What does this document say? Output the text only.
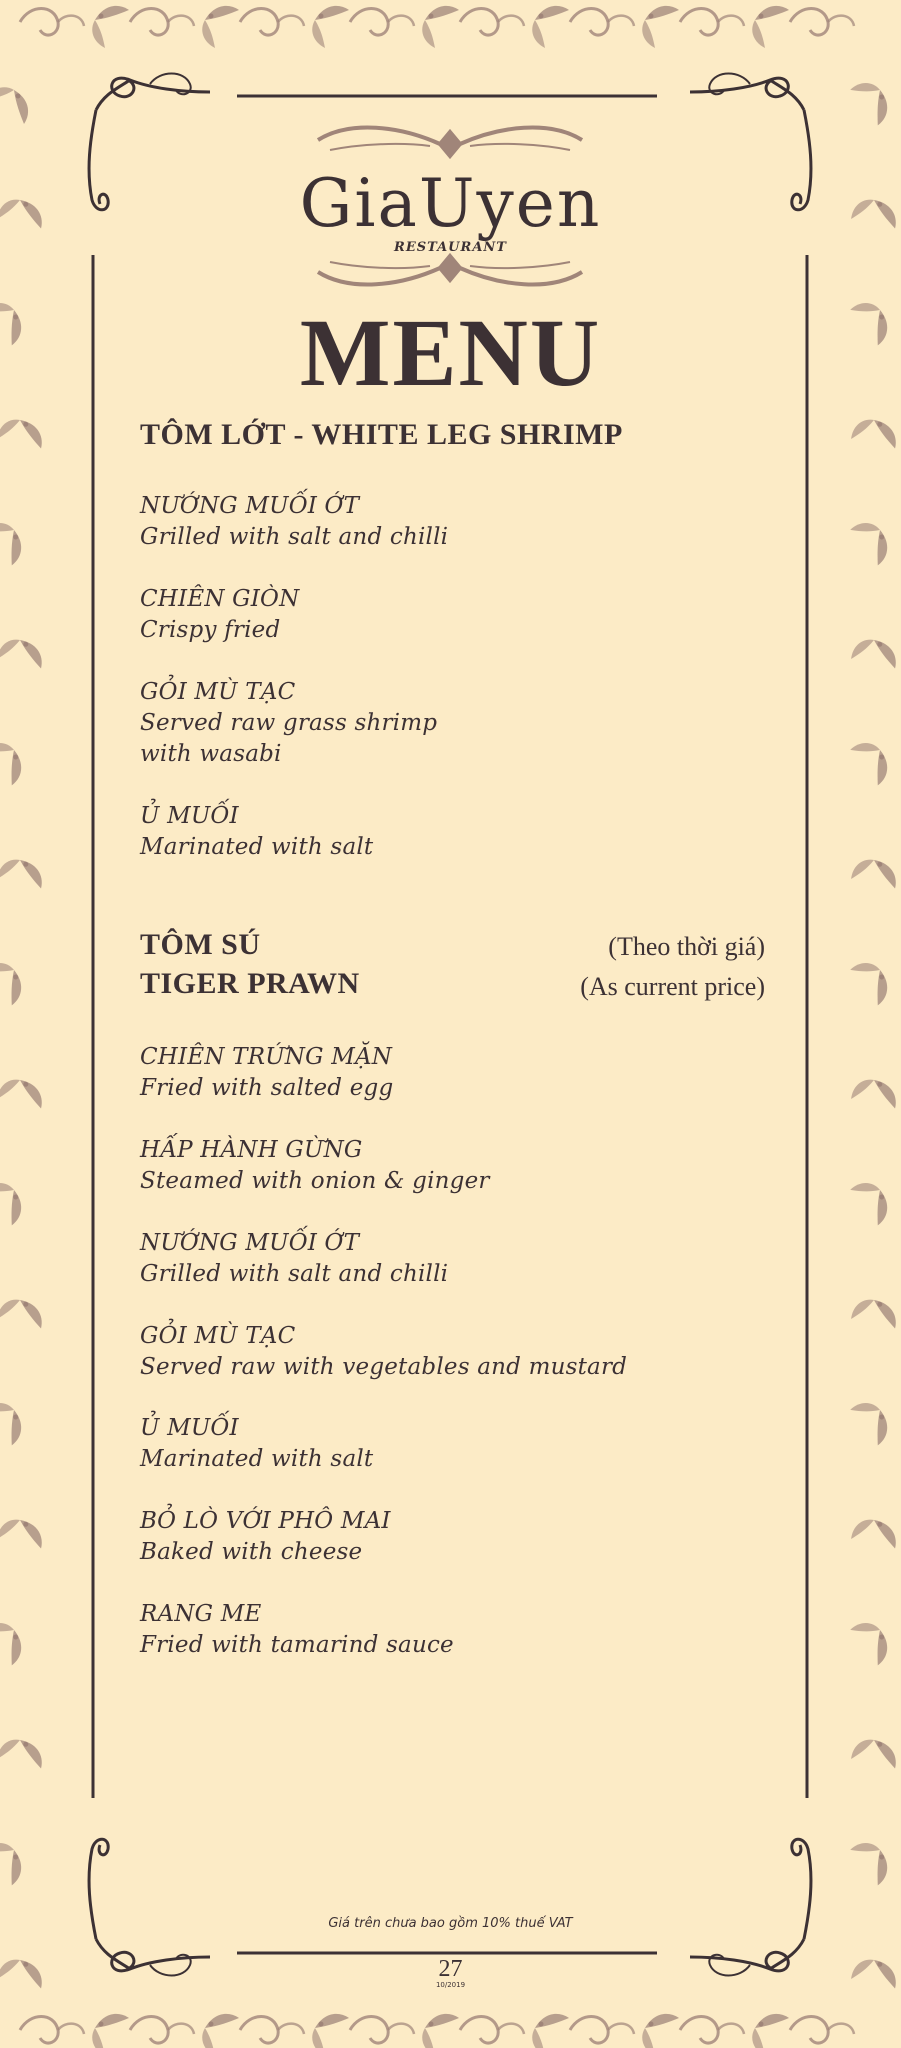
GiaUyen
RESTAURANT
MENU
TÔM LỚT - WHITE LEG SHRIMP
NƯỚNG MUỐI ỚT
Grilled with salt and chilli
CHIÊN GIÒN
Crispy fried
GỎI MÙ TẠC
Served raw grass shrimp
with wasabi
Ủ MUỐI
Marinated with salt
TÔM SÚ
TIGER PRAWN
(Theo thời giá)
(As current price)
CHIÊN TRỨNG MẶN
Fried with salted egg
HẤP HÀNH GỪNG
Steamed with onion & ginger
NƯỚNG MUỐI ỚT
Grilled with salt and chilli
GỎI MÙ TẠC
Served raw with vegetables and mustard
Ủ MUỐI
Marinated with salt
BỎ LÒ VỚI PHÔ MAI
Baked with cheese
RANG ME
Fried with tamarind sauce
Giá trên chưa bao gồm 10% thuế VAT
27
10/2019
